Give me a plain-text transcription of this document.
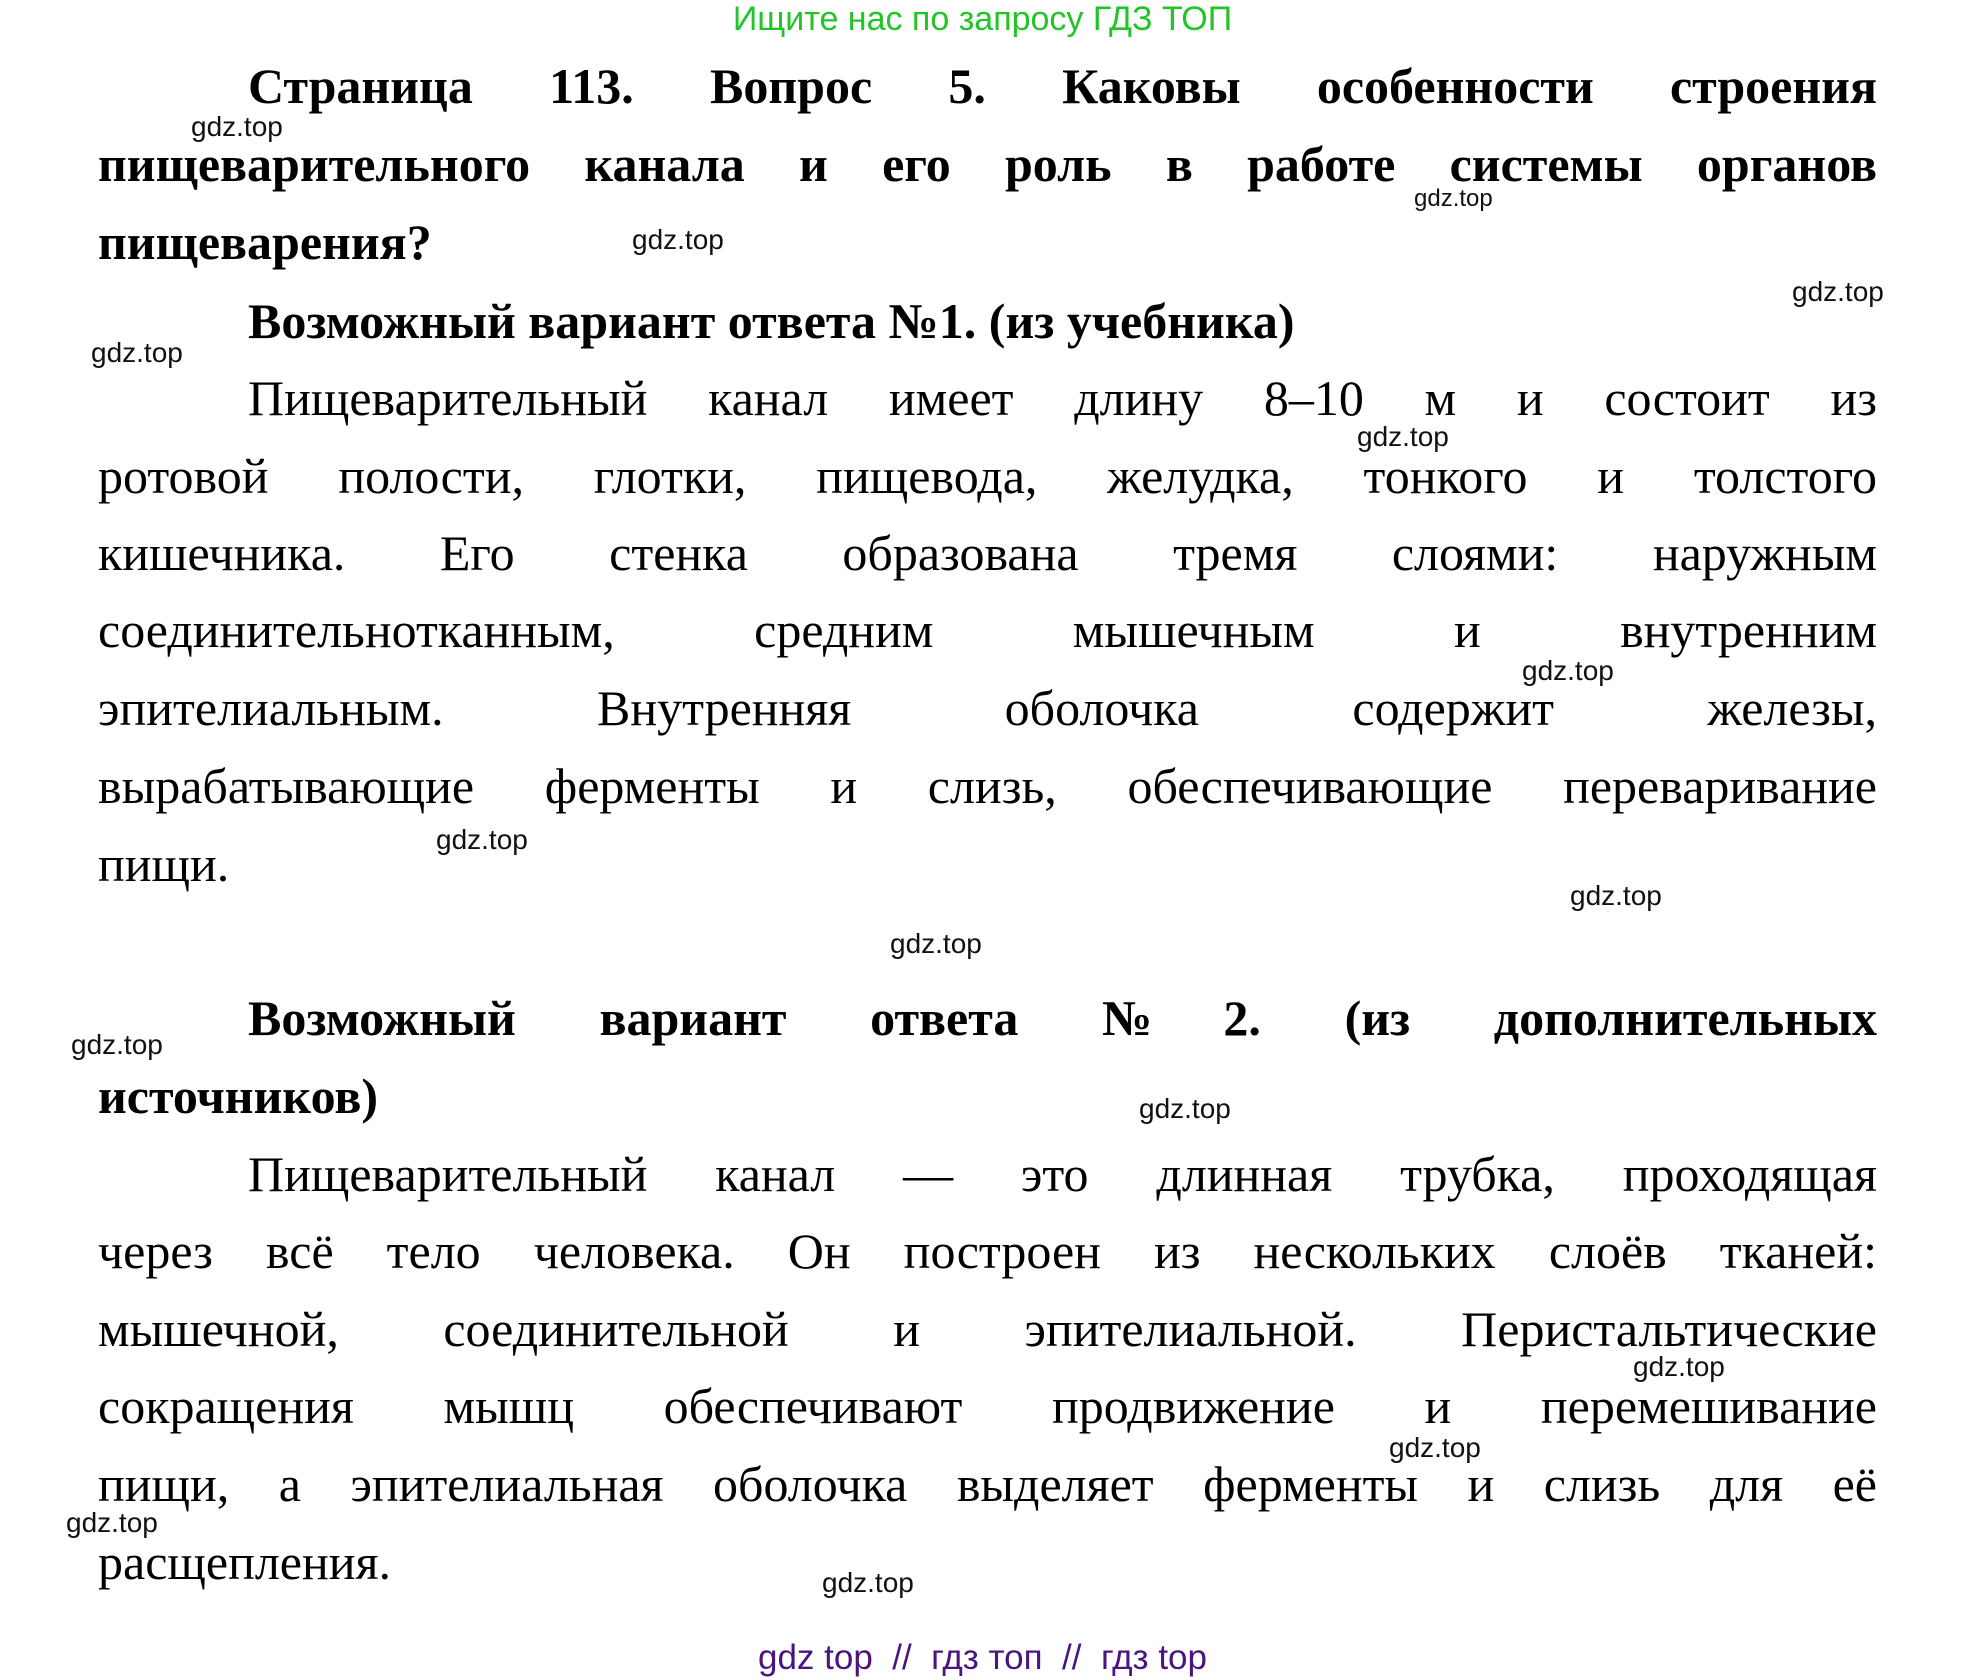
Ищите нас по запросу ГДЗ ТОП
Страница 113. Вопрос 5. Каковы особенности строения
пищеварительного канала и его роль в работе системы органов
пищеварения?
Возможный вариант ответа №1. (из учебника)
Пищеварительный канал имеет длину 8–10 м и состоит из
ротовой полости, глотки, пищевода, желудка, тонкого и толстого
кишечника. Его стенка образована тремя слоями: наружным
соединительнотканным, средним мышечным и внутренним
эпителиальным. Внутренняя оболочка содержит железы,
вырабатывающие ферменты и слизь, обеспечивающие переваривание
пищи.
Возможный вариант ответа №2. (из дополнительных
источников)
Пищеварительный канал — это длинная трубка, проходящая
через всё тело человека. Он построен из нескольких слоёв тканей:
мышечной, соединительной и эпителиальной. Перистальтические
сокращения мышц обеспечивают продвижение и перемешивание
пищи, а эпителиальная оболочка выделяет ферменты и слизь для её
расщепления.
gdz.top
gdz.top
gdz.top
gdz.top
gdz.top
gdz.top
gdz.top
gdz.top
gdz.top
gdz.top
gdz.top
gdz.top
gdz.top
gdz.top
gdz.top
gdz.top
gdz top  //  гдз топ  //  гдз top
